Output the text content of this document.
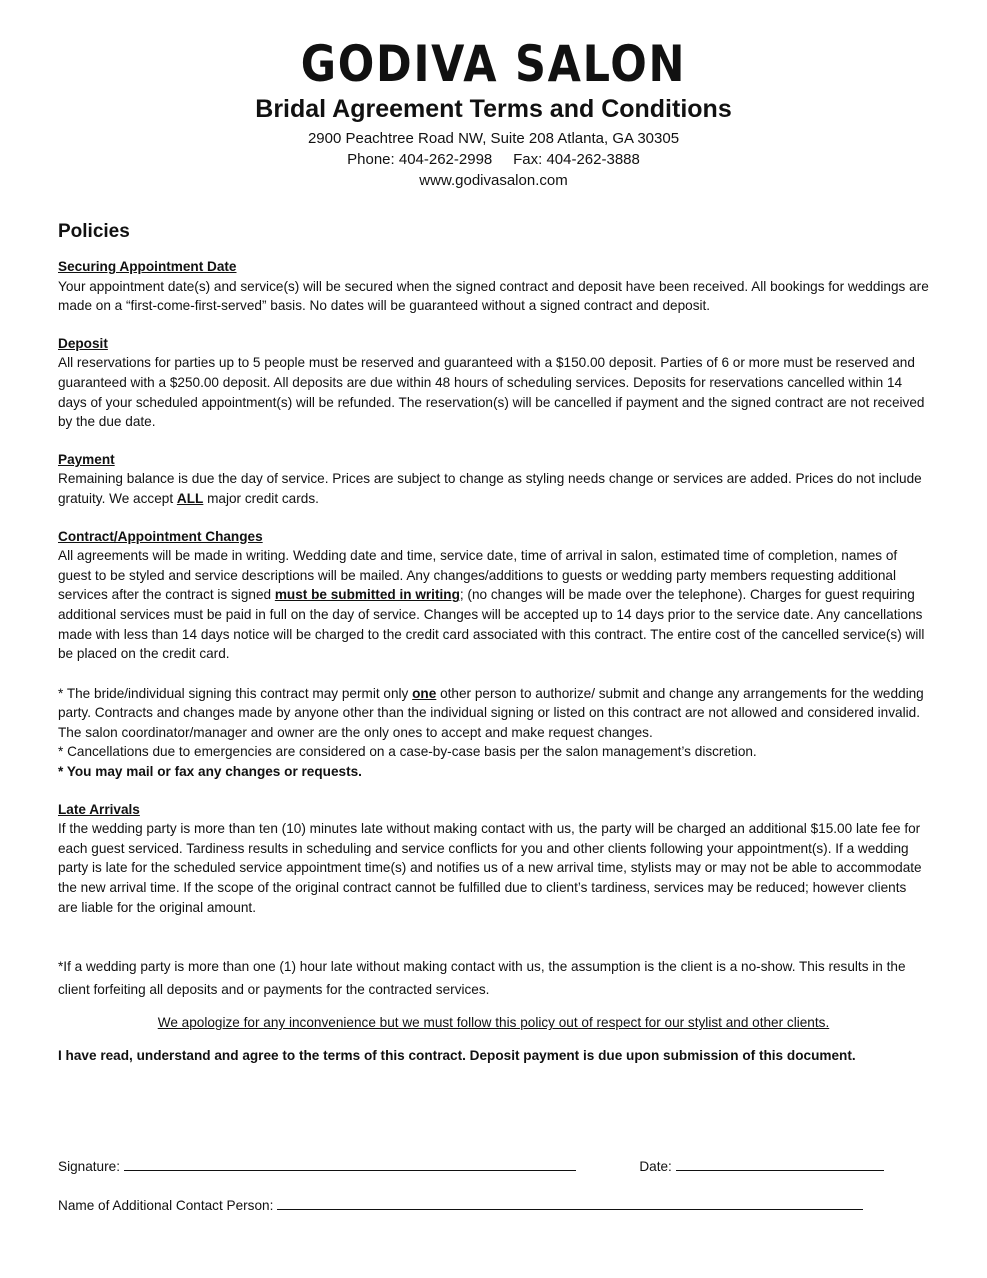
GODIVA SALON
Bridal Agreement Terms and Conditions
2900 Peachtree Road NW, Suite 208 Atlanta, GA 30305
Phone: 404-262-2998     Fax: 404-262-3888
www.godivasalon.com
Policies
Securing Appointment Date
Your appointment date(s) and service(s) will be secured when the signed contract and deposit have been received. All bookings for weddings are made on a “first-come-first-served” basis. No dates will be guaranteed without a signed contract and deposit.
Deposit
All reservations for parties up to 5 people must be reserved and guaranteed with a $150.00 deposit. Parties of 6 or more must be reserved and guaranteed with a $250.00 deposit. All deposits are due within 48 hours of scheduling services. Deposits for reservations cancelled within 14 days of your scheduled appointment(s) will be refunded. The reservation(s) will be cancelled if payment and the signed contract are not received by the due date.
Payment
Remaining balance is due the day of service. Prices are subject to change as styling needs change or services are added. Prices do not include gratuity. We accept ALL major credit cards.
Contract/Appointment Changes
All agreements will be made in writing. Wedding date and time, service date, time of arrival in salon, estimated time of completion, names of guest to be styled and service descriptions will be mailed. Any changes/additions to guests or wedding party members requesting additional services after the contract is signed must be submitted in writing; (no changes will be made over the telephone). Charges for guest requiring additional services must be paid in full on the day of service. Changes will be accepted up to 14 days prior to the service date. Any cancellations made with less than 14 days notice will be charged to the credit card associated with this contract. The entire cost of the cancelled service(s) will be placed on the credit card.

* The bride/individual signing this contract may permit only one other person to authorize/ submit and change any arrangements for the wedding party. Contracts and changes made by anyone other than the individual signing or listed on this contract are not allowed and considered invalid. The salon coordinator/manager and owner are the only ones to accept and make request changes.

* Cancellations due to emergencies are considered on a case-by-case basis per the salon management’s discretion.

* You may mail or fax any changes or requests.

Late Arrivals
If the wedding party is more than ten (10) minutes late without making contact with us, the party will be charged an additional $15.00 late fee for each guest serviced. Tardiness results in scheduling and service conflicts for you and other clients following your appointment(s). If a wedding party is late for the scheduled service appointment time(s) and notifies us of a new arrival time, stylists may or may not be able to accommodate the new arrival time. If the scope of the original contract cannot be fulfilled due to client’s tardiness, services may be reduced; however clients are liable for the original amount.
*If a wedding party is more than one (1) hour late without making contact with us, the assumption is the client is a no-show. This results in the client forfeiting all deposits and or payments for the contracted services.
We apologize for any inconvenience but we must follow this policy out of respect for our stylist and other clients.
I have read, understand and agree to the terms of this contract. Deposit payment is due upon submission of this document.
Signature:	Date:
Name of Additional Contact Person:
